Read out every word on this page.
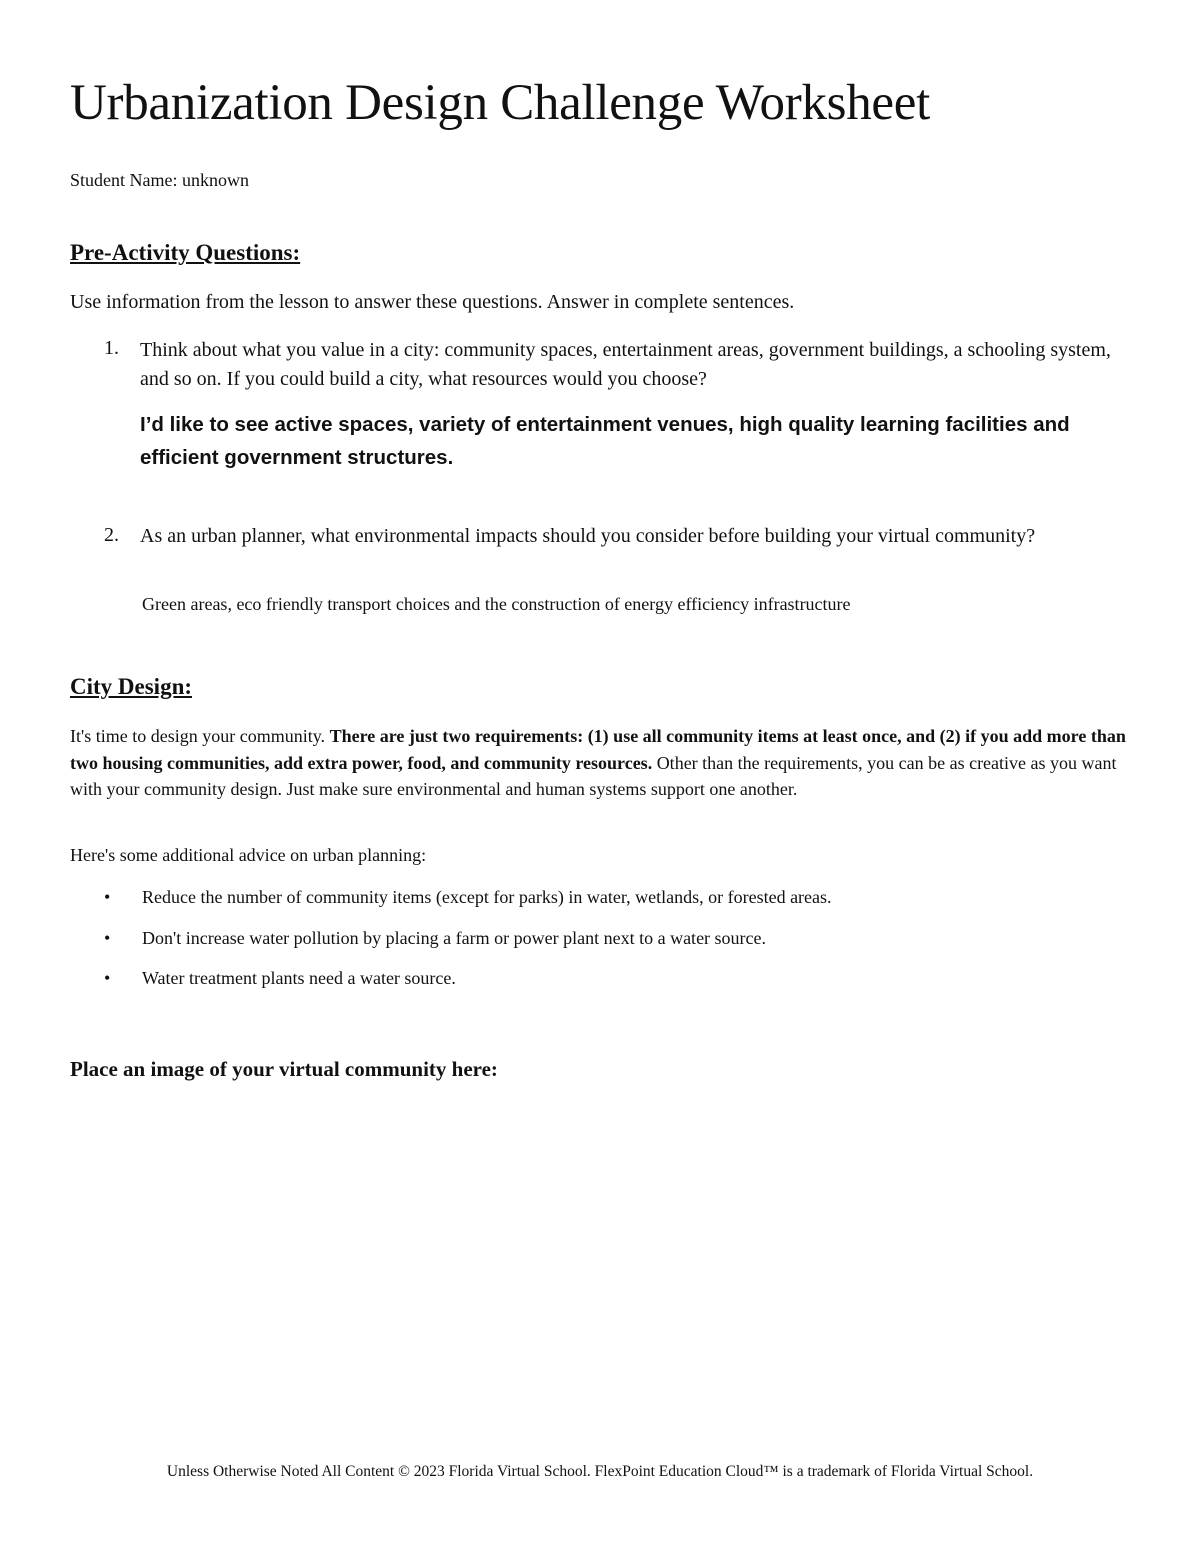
Urbanization Design Challenge Worksheet
Student Name: unknown
Pre-Activity Questions:
Use information from the lesson to answer these questions. Answer in complete sentences.
1. Think about what you value in a city: community spaces, entertainment areas, government buildings, a schooling system, and so on. If you could build a city, what resources would you choose?
I’d like to see active spaces, variety of entertainment venues, high quality learning facilities and efficient government structures.
2. As an urban planner, what environmental impacts should you consider before building your virtual community?
Green areas, eco friendly transport choices and the construction of energy efficiency infrastructure
City Design:
It's time to design your community. There are just two requirements: (1) use all community items at least once, and (2) if you add more than two housing communities, add extra power, food, and community resources. Other than the requirements, you can be as creative as you want with your community design. Just make sure environmental and human systems support one another.
Here's some additional advice on urban planning:
• Reduce the number of community items (except for parks) in water, wetlands, or forested areas.
• Don't increase water pollution by placing a farm or power plant next to a water source.
• Water treatment plants need a water source.
Place an image of your virtual community here:
Unless Otherwise Noted All Content © 2023 Florida Virtual School. FlexPoint Education Cloud™ is a trademark of Florida Virtual School.
